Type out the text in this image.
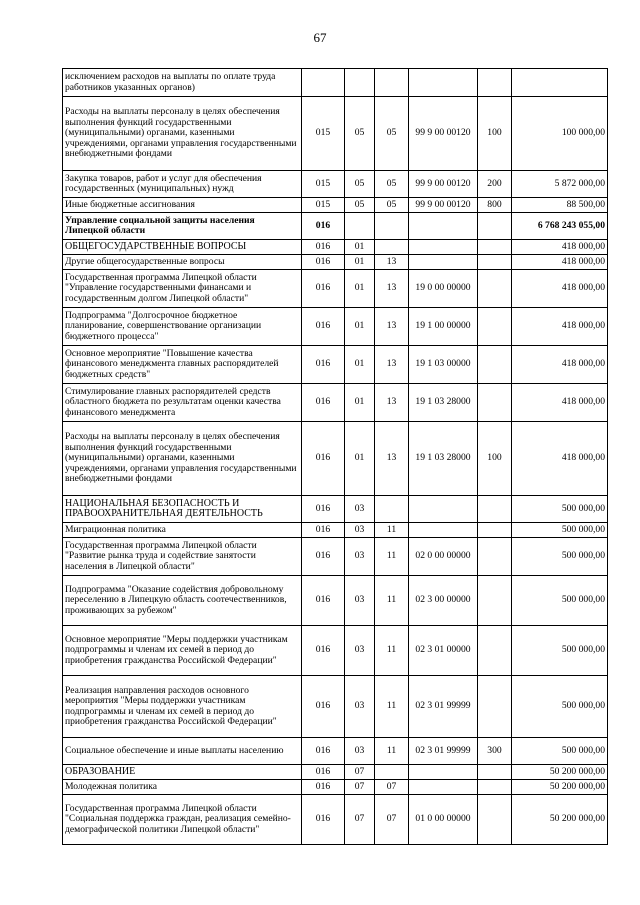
67
исключением расходов на выплаты по оплате труда работников указанных органов)						
Расходы на выплаты персоналу в целях обеспечения выполнения функций государственными (муниципальными) органами, казенными учреждениями, органами управления государственными внебюджетными фондами	015	05	05	99 9 00 00120	100	100 000,00
Закупка товаров, работ и услуг для обеспечения государственных (муниципальных) нужд	015	05	05	99 9 00 00120	200	5 872 000,00
Иные бюджетные ассигнования	015	05	05	99 9 00 00120	800	88 500,00
Управление социальной защиты населения Липецкой области	016					6 768 243 055,00
ОБЩЕГОСУДАРСТВЕННЫЕ ВОПРОСЫ	016	01				418 000,00
Другие общегосударственные вопросы	016	01	13			418 000,00
Государственная программа Липецкой области "Управление государственными финансами и государственным долгом Липецкой области"	016	01	13	19 0 00 00000		418 000,00
Подпрограмма "Долгосрочное бюджетное планирование, совершенствование организации бюджетного процесса"	016	01	13	19 1 00 00000		418 000,00
Основное мероприятие "Повышение качества финансового менеджмента главных распорядителей бюджетных средств"	016	01	13	19 1 03 00000		418 000,00
Стимулирование главных распорядителей средств областного бюджета по результатам оценки качества финансового менеджмента	016	01	13	19 1 03 28000		418 000,00
Расходы на выплаты персоналу в целях обеспечения выполнения функций государственными (муниципальными) органами, казенными учреждениями, органами управления государственными внебюджетными фондами	016	01	13	19 1 03 28000	100	418 000,00
НАЦИОНАЛЬНАЯ БЕЗОПАСНОСТЬ И ПРАВООХРАНИТЕЛЬНАЯ ДЕЯТЕЛЬНОСТЬ	016	03				500 000,00
Миграционная политика	016	03	11			500 000,00
Государственная программа Липецкой области "Развитие рынка труда и содействие занятости населения в Липецкой области"	016	03	11	02 0 00 00000		500 000,00
Подпрограмма "Оказание содействия добровольному переселению в Липецкую область соотечественников, проживающих за рубежом"	016	03	11	02 3 00 00000		500 000,00
Основное мероприятие "Меры поддержки участникам подпрограммы и членам их семей в период до приобретения гражданства Российской Федерации"	016	03	11	02 3 01 00000		500 000,00
Реализация направления расходов основного мероприятия "Меры поддержки участникам подпрограммы и членам их семей в период до приобретения гражданства Российской Федерации"	016	03	11	02 3 01 99999		500 000,00
Социальное обеспечение и иные выплаты населению	016	03	11	02 3 01 99999	300	500 000,00
ОБРАЗОВАНИЕ	016	07				50 200 000,00
Молодежная политика	016	07	07			50 200 000,00
Государственная программа Липецкой области "Социальная поддержка граждан, реализация семейно-демографической политики Липецкой области"	016	07	07	01 0 00 00000		50 200 000,00
